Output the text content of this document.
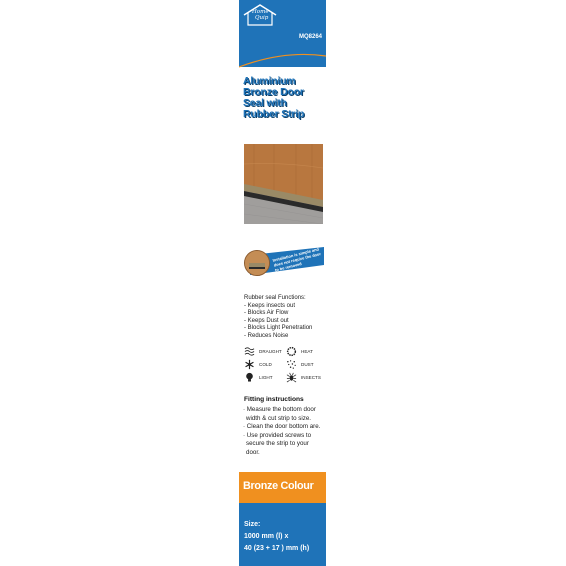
Home
Quip
MQ8264
Aluminium
Bronze Door
Seal with
Rubber Strip
Installation is simple and does not require the door to be removed
Rubber seal Functions:
- Keeps insects out
- Blocks Air Flow
- Keeps Dust out
- Blocks Light Penetration
- Reduces Noise
DRAUGHT	HEAT
COLD	DUST
LIGHT	INSECTS
Fitting instructions
· Measure the bottom door
width & cut strip to size.
· Clean the door bottom are.
· Use provided screws to
secure the strip to your
door.
Bronze Colour
Size:
1000 mm (l) x
40 (23 + 17 ) mm (h)
